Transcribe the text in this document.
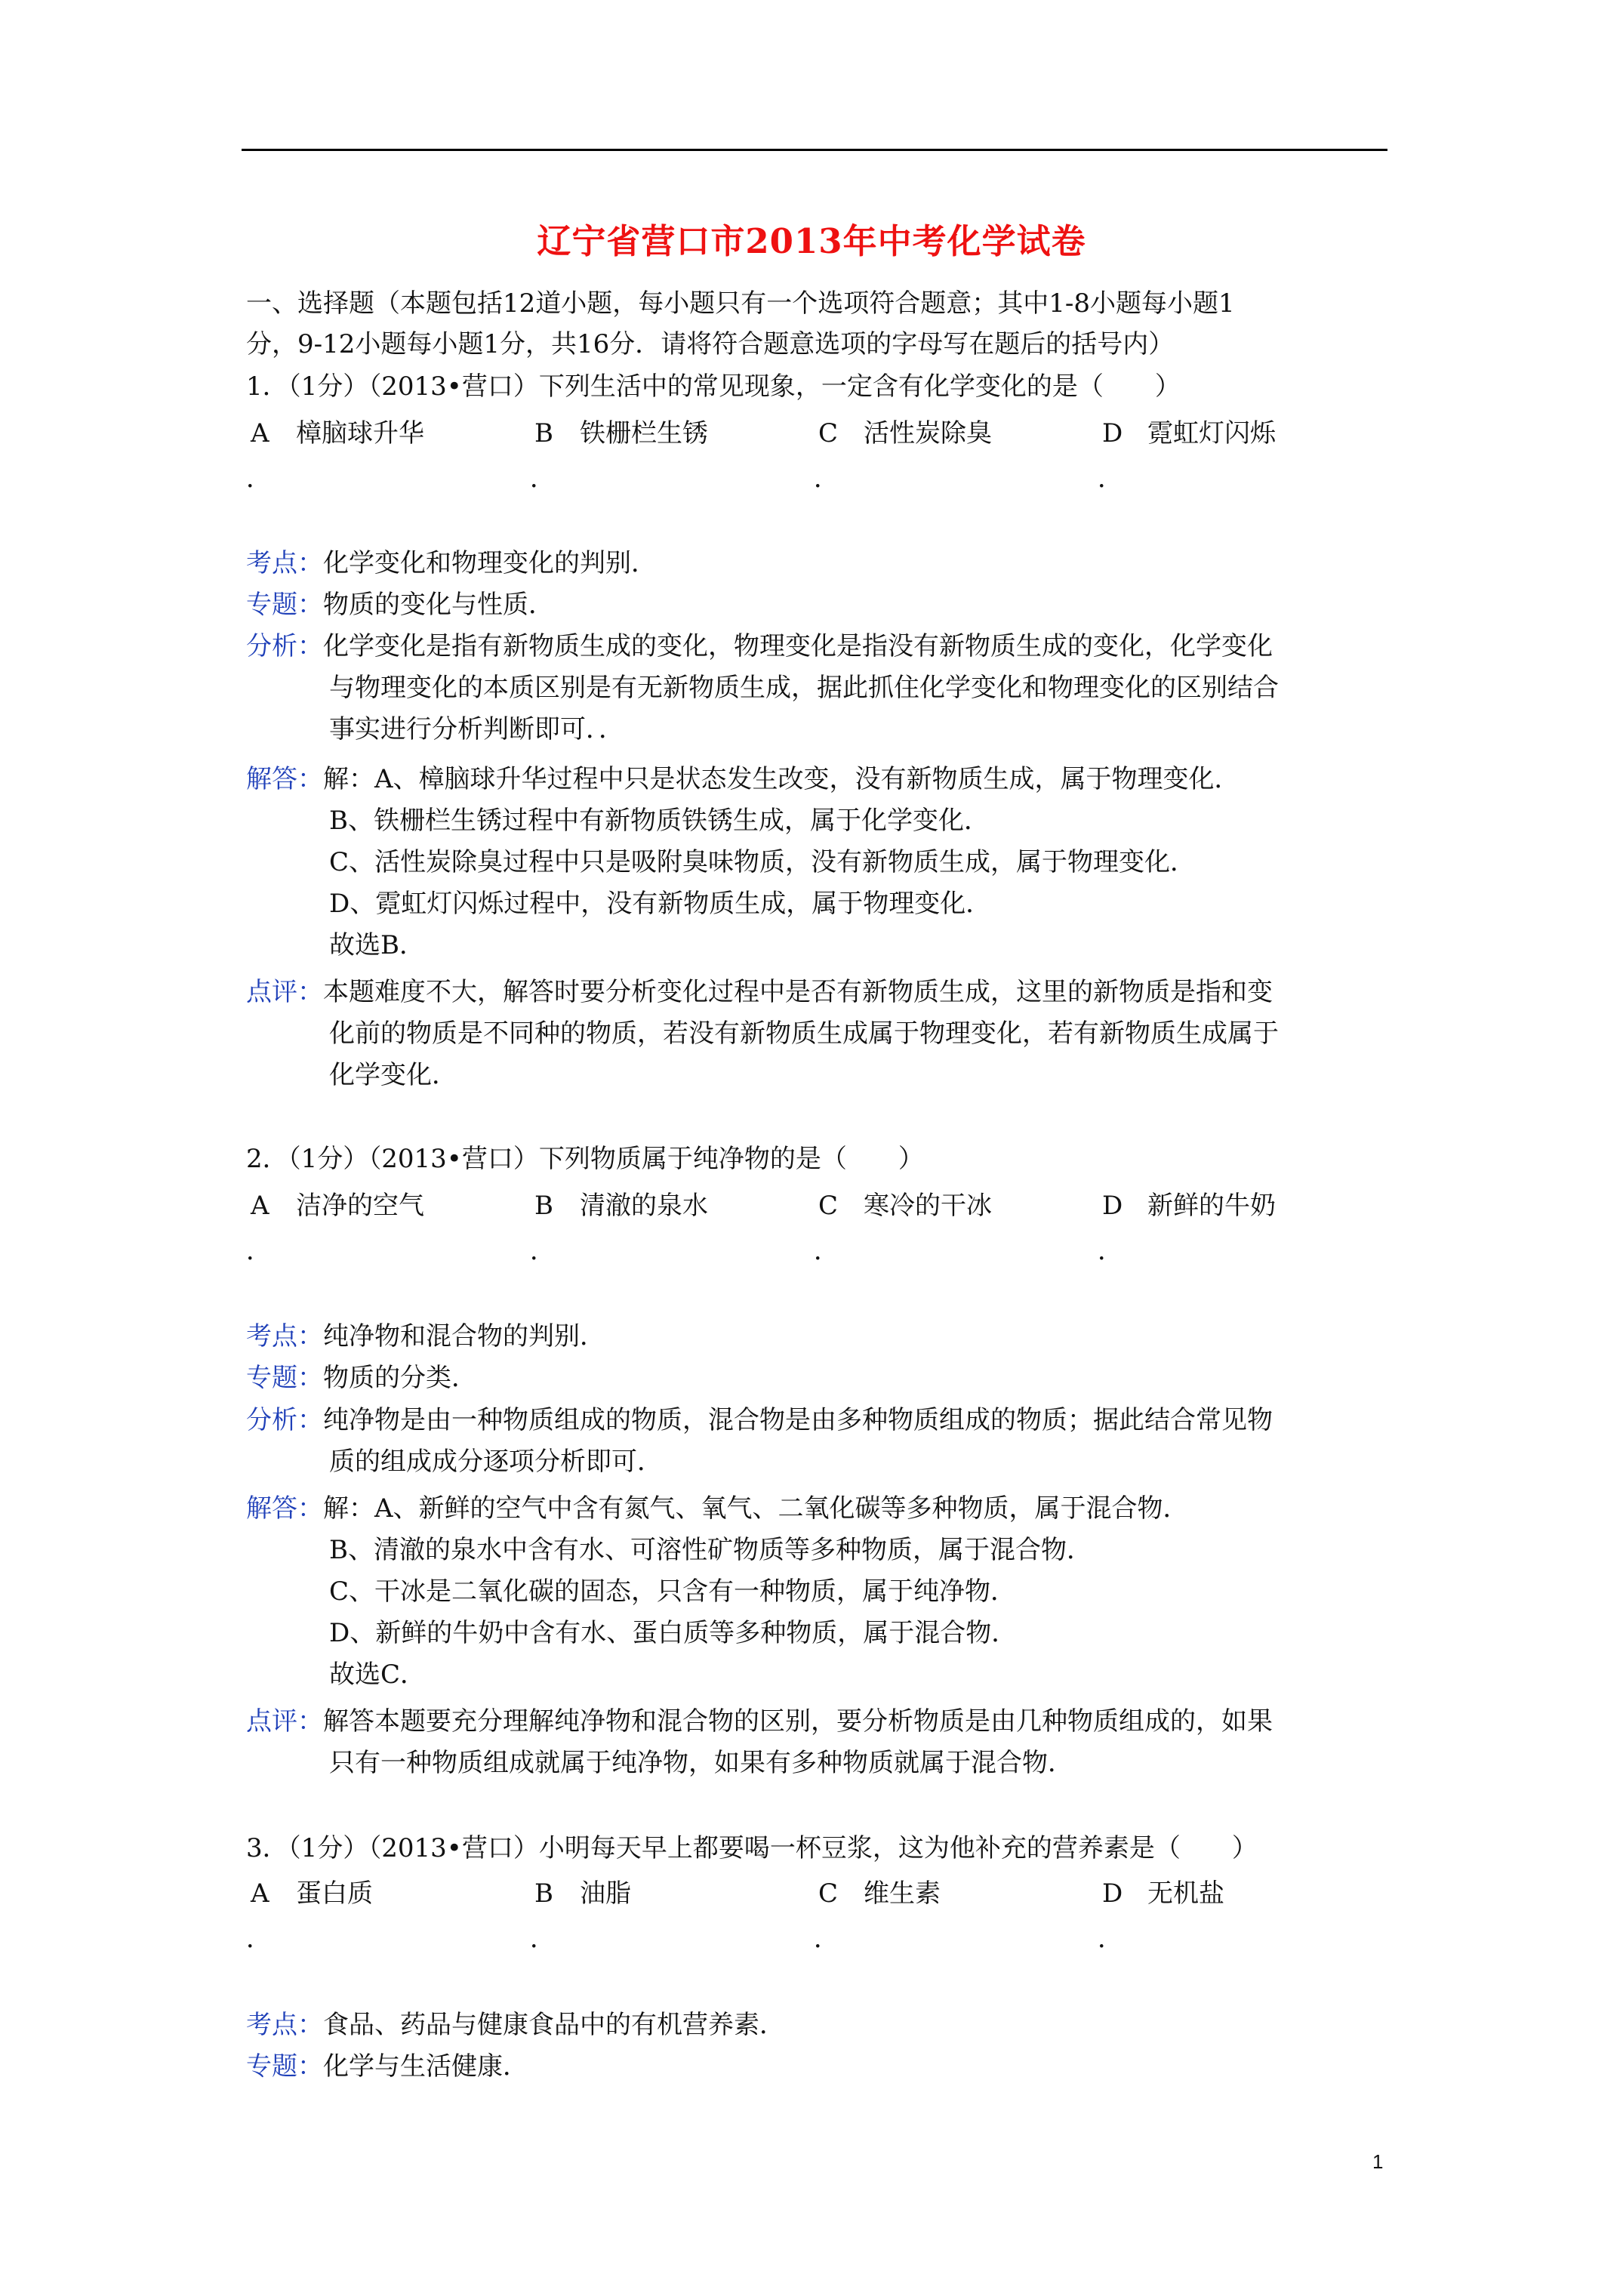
辽宁省营口市2013年中考化学试卷
一、选择题（本题包括12道小题，每小题只有一个选项符合题意；其中1-8小题每小题1
分，9-12小题每小题1分，共16分．请将符合题意选项的字母写在题后的括号内）
1．（1分）（2013•营口）下列生活中的常见现象，一定含有化学变化的是（　　）
A 樟脑球升华	B 铁栅栏生锈	C 活性炭除臭	D 霓虹灯闪烁
．	．	．	．
考点：化学变化和物理变化的判别．
专题：物质的变化与性质．
分析：化学变化是指有新物质生成的变化，物理变化是指没有新物质生成的变化，化学变化
与物理变化的本质区别是有无新物质生成，据此抓住化学变化和物理变化的区别结合
事实进行分析判断即可．．
解答：解：A、樟脑球升华过程中只是状态发生改变，没有新物质生成，属于物理变化．
B、铁栅栏生锈过程中有新物质铁锈生成，属于化学变化．
C、活性炭除臭过程中只是吸附臭味物质，没有新物质生成，属于物理变化．
D、霓虹灯闪烁过程中，没有新物质生成，属于物理变化．
故选B．
点评：本题难度不大，解答时要分析变化过程中是否有新物质生成，这里的新物质是指和变
化前的物质是不同种的物质，若没有新物质生成属于物理变化，若有新物质生成属于
化学变化．
2．（1分）（2013•营口）下列物质属于纯净物的是（　　）
A 洁净的空气	B 清澈的泉水	C 寒冷的干冰	D 新鲜的牛奶
．	．	．	．
考点：纯净物和混合物的判别．
专题：物质的分类．
分析：纯净物是由一种物质组成的物质，混合物是由多种物质组成的物质；据此结合常见物
质的组成成分逐项分析即可．
解答：解：A、新鲜的空气中含有氮气、氧气、二氧化碳等多种物质，属于混合物．
B、清澈的泉水中含有水、可溶性矿物质等多种物质，属于混合物．
C、干冰是二氧化碳的固态，只含有一种物质，属于纯净物．
D、新鲜的牛奶中含有水、蛋白质等多种物质，属于混合物．
故选C．
点评：解答本题要充分理解纯净物和混合物的区别，要分析物质是由几种物质组成的，如果
只有一种物质组成就属于纯净物，如果有多种物质就属于混合物．
3．（1分）（2013•营口）小明每天早上都要喝一杯豆浆，这为他补充的营养素是（　　）
A 蛋白质	B 油脂	C 维生素	D 无机盐
．	．	．	．
考点：食品、药品与健康食品中的有机营养素．
专题：化学与生活健康．
1
